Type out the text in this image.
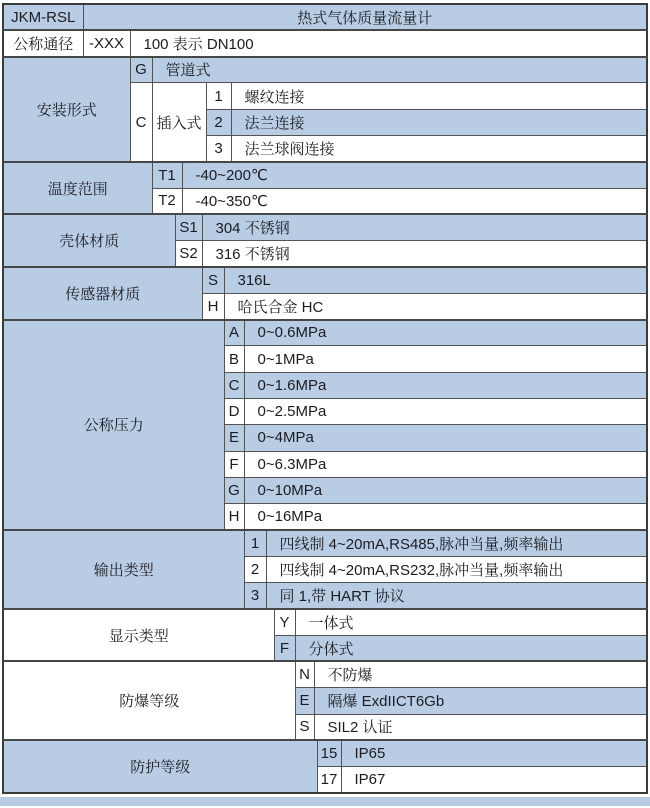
JKM-RSL	热式气体质量流量计															
公称通径	-XXX	100 表示 DN100														
安装形式		G	管道式													
		C	插入式				1		螺纹连接							
							2		法兰连接							
							3		法兰球阀连接							
温度范围			T1		-40~200℃											
			T2		-40~350℃											
壳体材质				S1		304 不锈钢										
				S2		316 不锈钢										
传感器材质						S		316L								
						H		哈氏合金 HC								
公称压力								A		0~0.6MPa						
								B		0~1MPa						
								C		0~1.6MPa						
								D		0~2.5MPa						
								E		0~4MPa						
								F		0~6.3MPa						
								G		0~10MPa						
								H		0~16MPa						
输出类型										1	四线制 4~20mA,RS485,脉冲当量,频率输出					
										2	四线制 4~20mA,RS232,脉冲当量,频率输出					
										3	同 1,带 HART 协议					
显示类型												Y	一体式			
												F	分体式			
防爆等级													N	不防爆		
													E	隔爆 ExdIICT6Gb		
													S	SIL2 认证		
防护等级															15	IP65
															17	IP67
